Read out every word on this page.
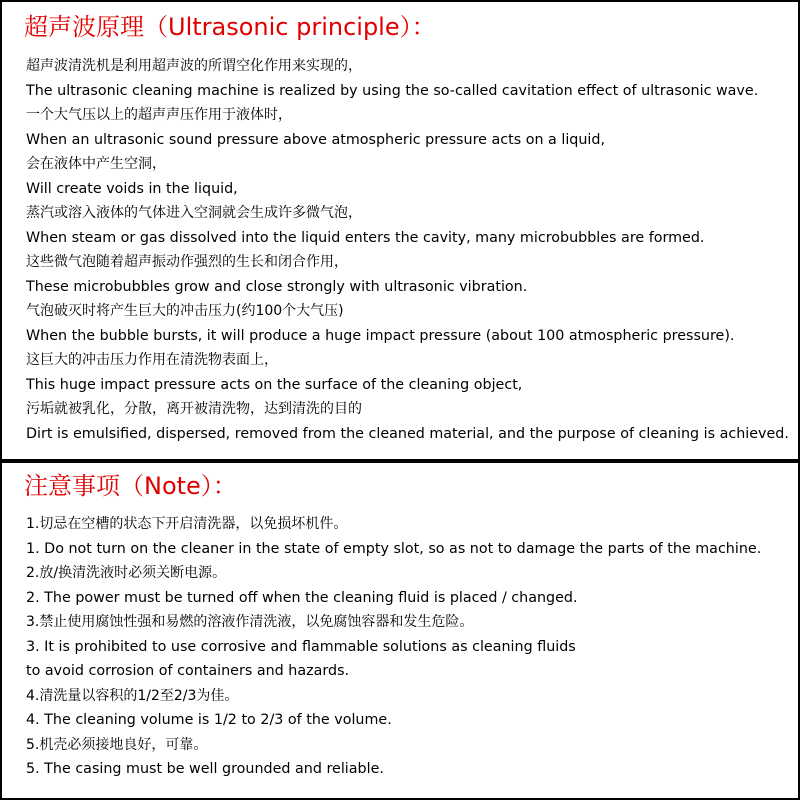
超声波原理（Ultrasonic principle）：
超声波清洗机是利用超声波的所谓空化作用来实现的，
The ultrasonic cleaning machine is realized by using the so-called cavitation effect of ultrasonic wave.
一个大气压以上的超声声压作用于液体时，
When an ultrasonic sound pressure above atmospheric pressure acts on a liquid,
会在液体中产生空洞，
Will create voids in the liquid,
蒸汽或溶入液体的气体进入空洞就会生成许多微气泡，
When steam or gas dissolved into the liquid enters the cavity, many microbubbles are formed.
这些微气泡随着超声振动作强烈的生长和闭合作用，
These microbubbles grow and close strongly with ultrasonic vibration.
气泡破灭时将产生巨大的冲击压力(约100个大气压)
When the bubble bursts, it will produce a huge impact pressure (about 100 atmospheric pressure).
这巨大的冲击压力作用在清洗物表面上，
This huge impact pressure acts on the surface of the cleaning object,
污垢就被乳化，分散，离开被清洗物，达到清洗的目的
Dirt is emulsified, dispersed, removed from the cleaned material, and the purpose of cleaning is achieved.
注意事项（Note）：
1.切忌在空槽的状态下开启清洗器，以免损坏机件。
1. Do not turn on the cleaner in the state of empty slot, so as not to damage the parts of the machine.
2.放/换清洗液时必须关断电源。
2. The power must be turned off when the cleaning fluid is placed / changed.
3.禁止使用腐蚀性强和易燃的溶液作清洗液，以免腐蚀容器和发生危险。
3. It is prohibited to use corrosive and flammable solutions as cleaning fluids
to avoid corrosion of containers and hazards.
4.清洗量以容积的1/2至2/3为佳。
4. The cleaning volume is 1/2 to 2/3 of the volume.
5.机壳必须接地良好，可靠。
5. The casing must be well grounded and reliable.
